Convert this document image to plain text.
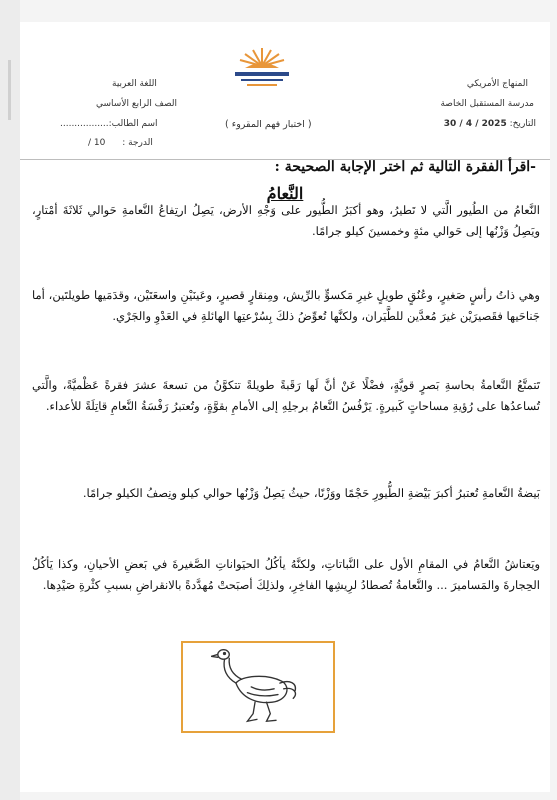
المنهاج الأمريكي
مدرسة المستقبل الخاصة
التاريخ: 30 / 4 / 2025
( اختبار فهم المقروء )
اللغة العربية
الصف الرابع الأساسي
اسم الطالب:.................
الدرجة : 10 /
-اقرأ الفقرة التالية ثم اختر الإجابة الصحيحة :
النَّعامُ

النَّعامُ من الطُيور الَّتي لا تَطيرُ، وهو أكبَرُ الطُّيور على وَجْهِ الأرض، يَصِلُ ارتِفاعُ النَّعامةِ حَوالي ثَلاثَةَ أمْتارٍ، ويَصِلُ وَزْنُها إلى حَوالي مئةٍ وخمسينَ كيلو جرامًا.

وهي ذاتُ رأسٍ صَغيرٍ، وعُنُقٍ طويلٍ غيرِ مَكسوٍّ بالرِّيش، ومِنقارٍ قصيرٍ، وعَينَيْنِ واسعَتَيْن، وقدَمَيها طويلتَين، أما جَناحَيها فقَصيرَيْن غيرَ مُعدَّين للطَّيَران، ولكنَّها تُعوِّضُ ذلكَ بِسُرْعتِها الهائلةِ في العَدْوِ والجَرْي.

تَتمتَّعُ النَّعامةُ بحاسةِ بَصرٍ قويَّةٍ، فضْلًا عَنْ أنَّ لَها رَقَبةً طويلةً تتكوَّنُ من تسعةَ عشرَ فقرةً عَظْميَّةً، والَّتي تُساعدُها على رُؤيةِ مساحاتٍ كَبيرةٍ. يَرْفُسُ النَّعامُ برجلِهِ إلى الأمامِ بقوَّةٍ، وتُعتبرُ رَفْسَةُ النَّعامِ قاتِلَةً للأعداء.

بَيضةُ النَّعامةِ تُعتبرُ أكبرَ بَيْضةِ الطُّيورِ حَجْمًا ووَزْنًا، حيثُ يَصِلُ وَزْنُها حوالي كيلو ونِصفُ الكيلو جرامًا.

ويَعتاشُ النَّعامُ في المقامِ الأول على النَّباتاتِ، ولكنَّهُ يأكُلُ الحيَواناتِ الصَّغيرةَ في بَعضِ الأحيانِ، وكذا يَأكُلُ الحِجارةَ والمَساميرَ ... والنَّعامةُ تُصطادُ لرِيشِها الفاخِرِ، ولذلِكَ أصبَحتْ مُهدَّدةً بالانقراضِ بسببِ كثْرةِ صَيْدِها.
